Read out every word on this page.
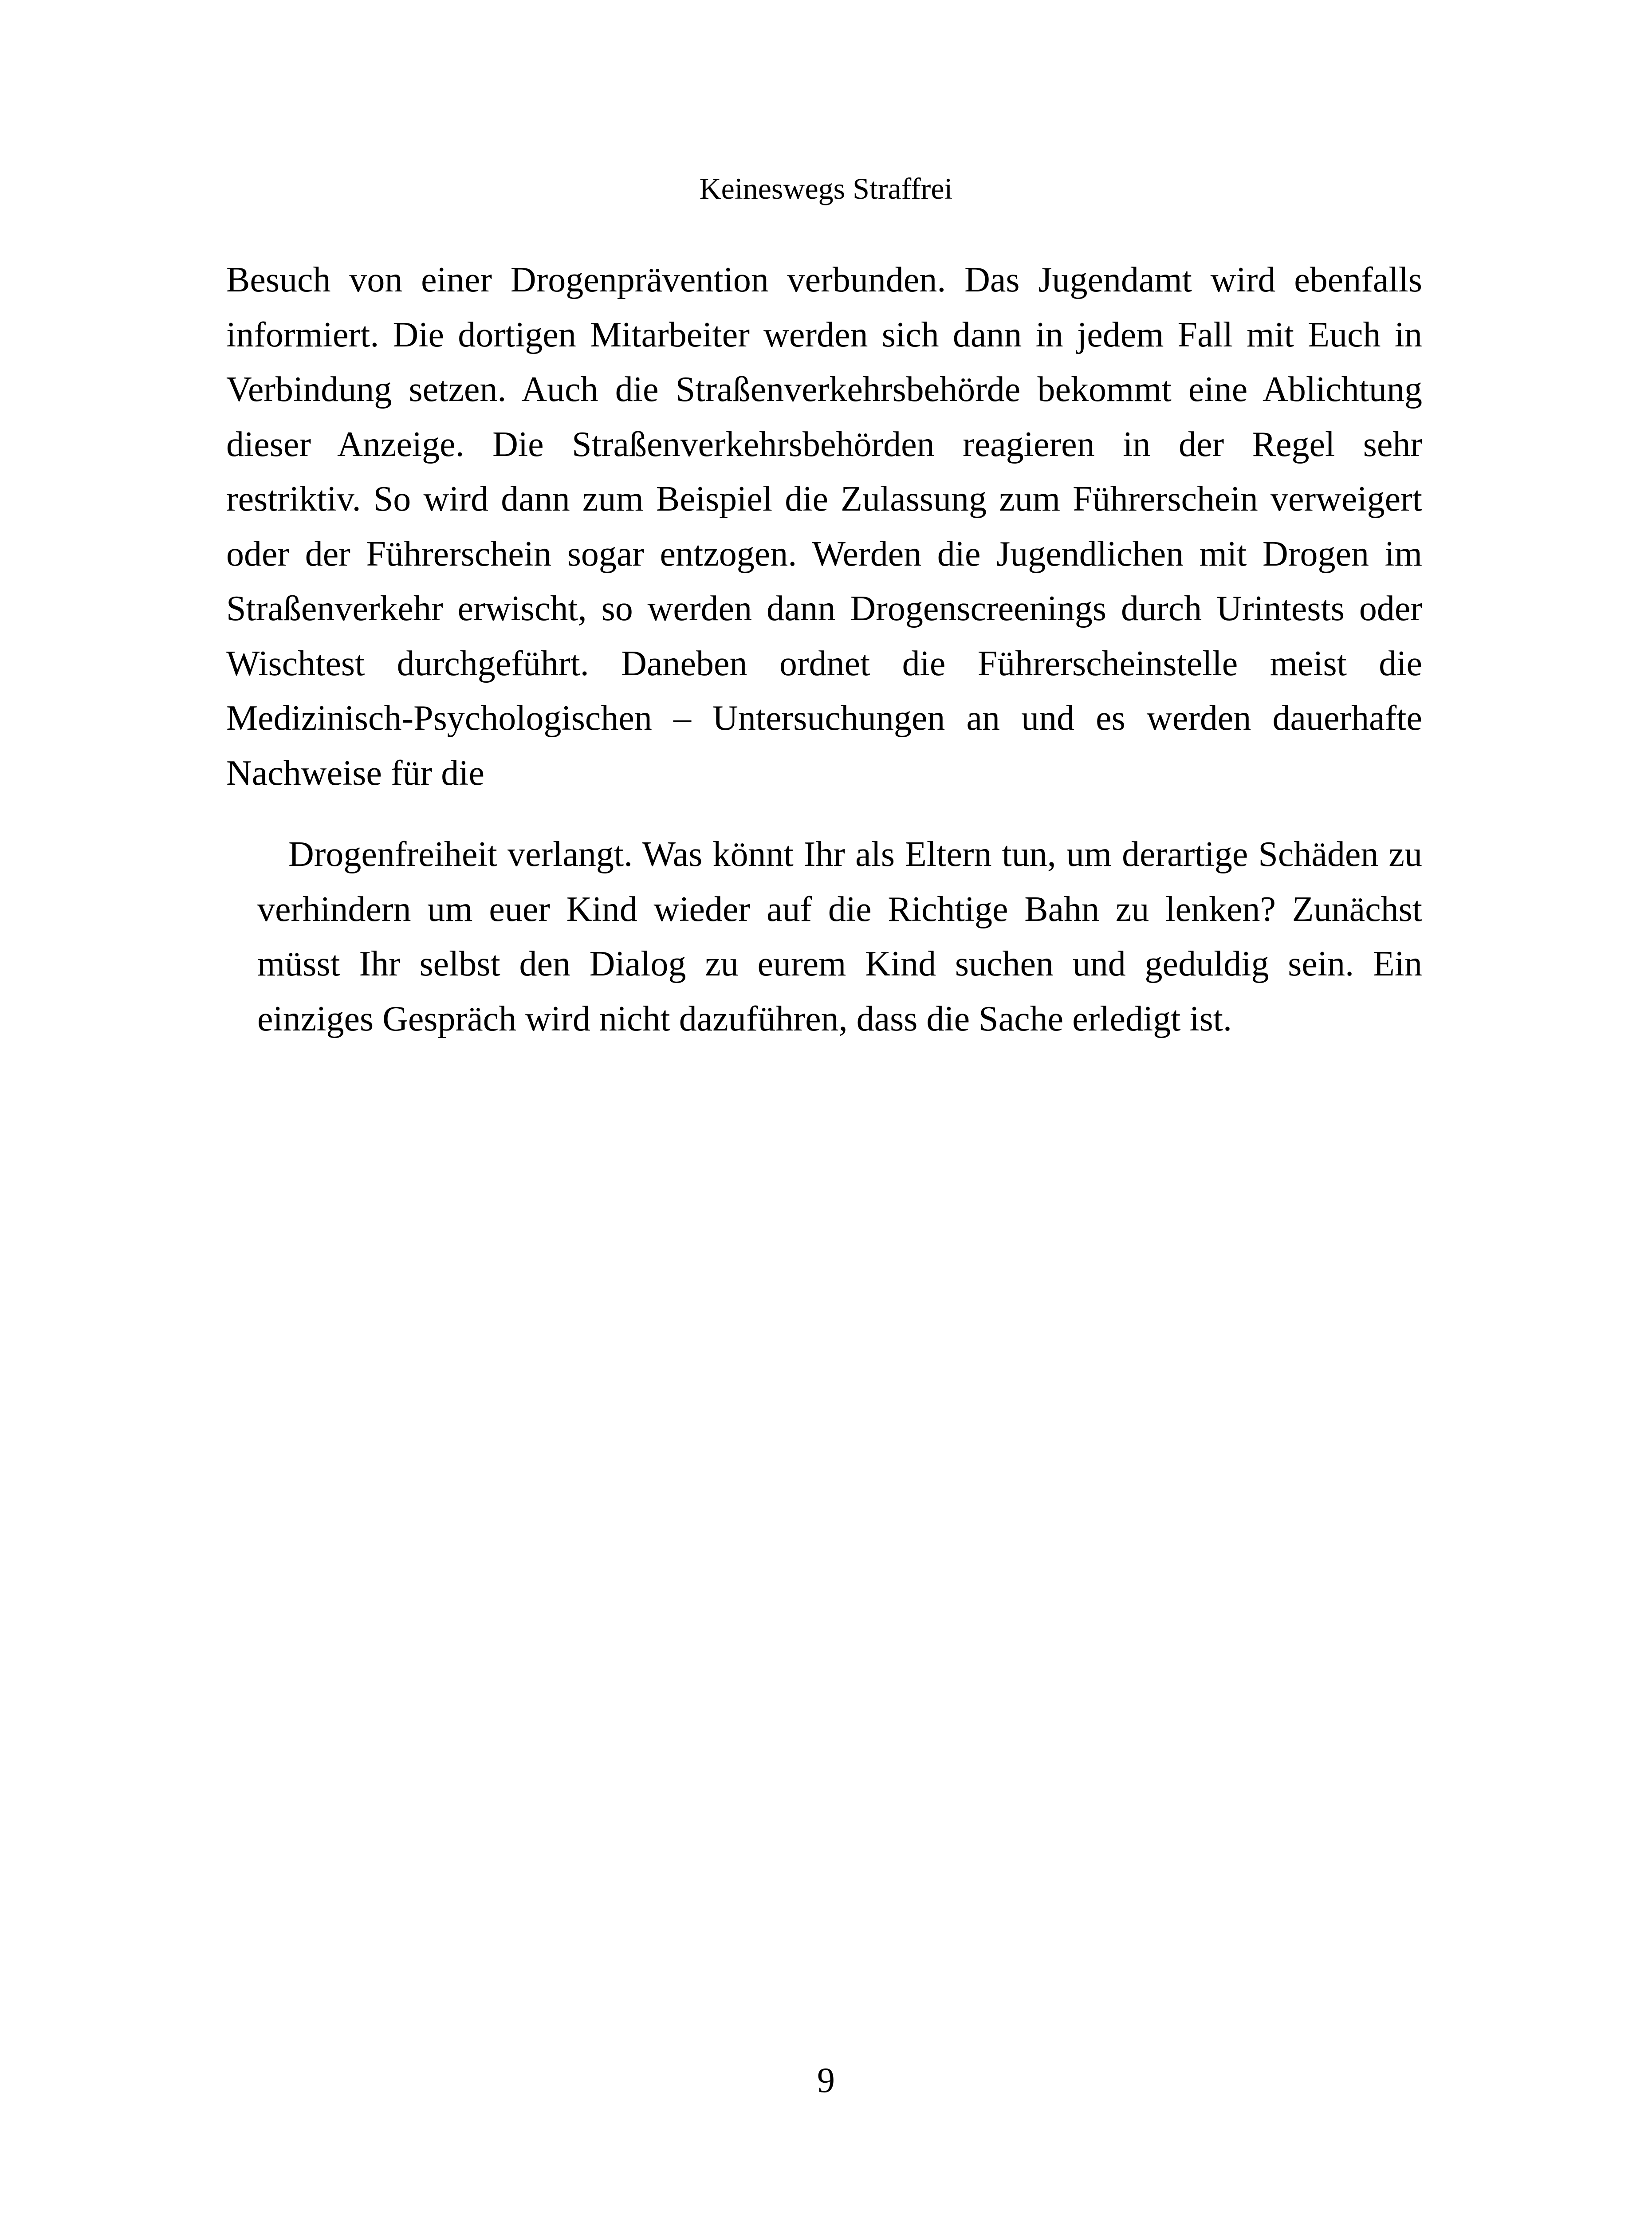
Keineswegs Straffrei

Besuch von einer Drogenprävention verbunden. Das Jugendamt wird ebenfalls
informiert. Die dortigen Mitarbeiter werden sich dann in jedem Fall mit Euch in
Verbindung setzen. Auch die Straßenverkehrsbehörde bekommt eine Ablichtung
dieser Anzeige. Die Straßenverkehrsbehörden reagieren in der Regel sehr
restriktiv. So wird dann zum Beispiel die Zulassung zum Führerschein verweigert
oder der Führerschein sogar entzogen. Werden die Jugendlichen mit Drogen im
Straßenverkehr erwischt, so werden dann Drogenscreenings durch Urintests oder
Wischtest durchgeführt. Daneben ordnet die Führerscheinstelle meist die
Medizinisch-Psychologischen – Untersuchungen an und es werden dauerhafte
Nachweise für die

Drogenfreiheit verlangt. Was könnt Ihr als Eltern tun, um derartige Schäden zu
verhindern um euer Kind wieder auf die Richtige Bahn zu lenken? Zunächst
müsst Ihr selbst den Dialog zu eurem Kind suchen und geduldig sein. Ein
einziges Gespräch wird nicht dazuführen, dass die Sache erledigt ist.

9
